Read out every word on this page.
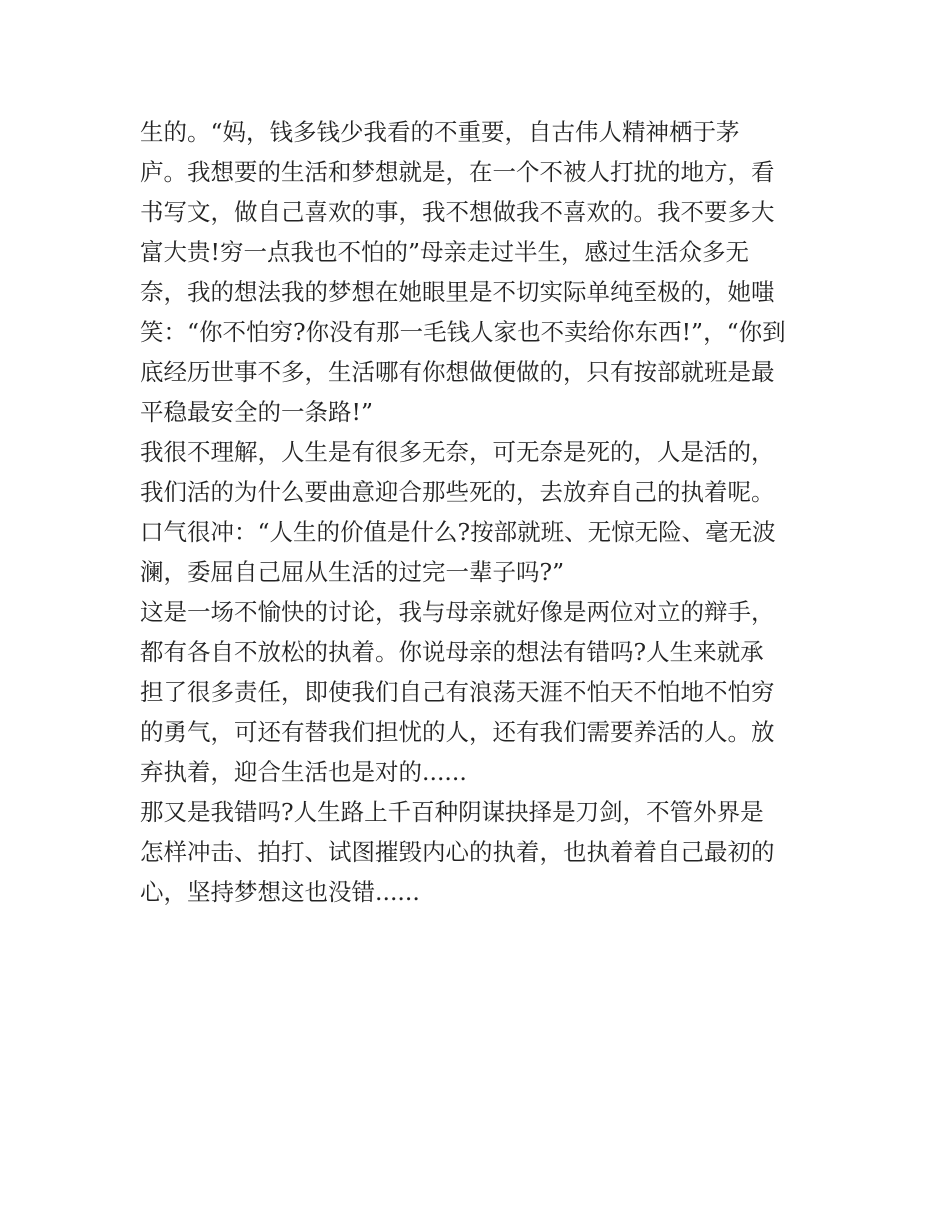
生的。“妈，钱多钱少我看的不重要，自古伟人精神栖于茅
庐。我想要的生活和梦想就是，在一个不被人打扰的地方，看
书写文，做自己喜欢的事，我不想做我不喜欢的。我不要多大
富大贵!穷一点我也不怕的”母亲走过半生，感过生活众多无
奈，我的想法我的梦想在她眼里是不切实际单纯至极的，她嗤
笑：“你不怕穷?你没有那一毛钱人家也不卖给你东西!”，“你到
底经历世事不多，生活哪有你想做便做的，只有按部就班是最
平稳最安全的一条路!”
我很不理解，人生是有很多无奈，可无奈是死的，人是活的，
我们活的为什么要曲意迎合那些死的，去放弃自己的执着呢。
口气很冲：“人生的价值是什么?按部就班、无惊无险、毫无波
澜，委屈自己屈从生活的过完一辈子吗?”
这是一场不愉快的讨论，我与母亲就好像是两位对立的辩手，
都有各自不放松的执着。你说母亲的想法有错吗?人生来就承
担了很多责任，即使我们自己有浪荡天涯不怕天不怕地不怕穷
的勇气，可还有替我们担忧的人，还有我们需要养活的人。放
弃执着，迎合生活也是对的......
那又是我错吗?人生路上千百种阴谋抉择是刀剑，不管外界是
怎样冲击、拍打、试图摧毁内心的执着，也执着着自己最初的
心，坚持梦想这也没错......
